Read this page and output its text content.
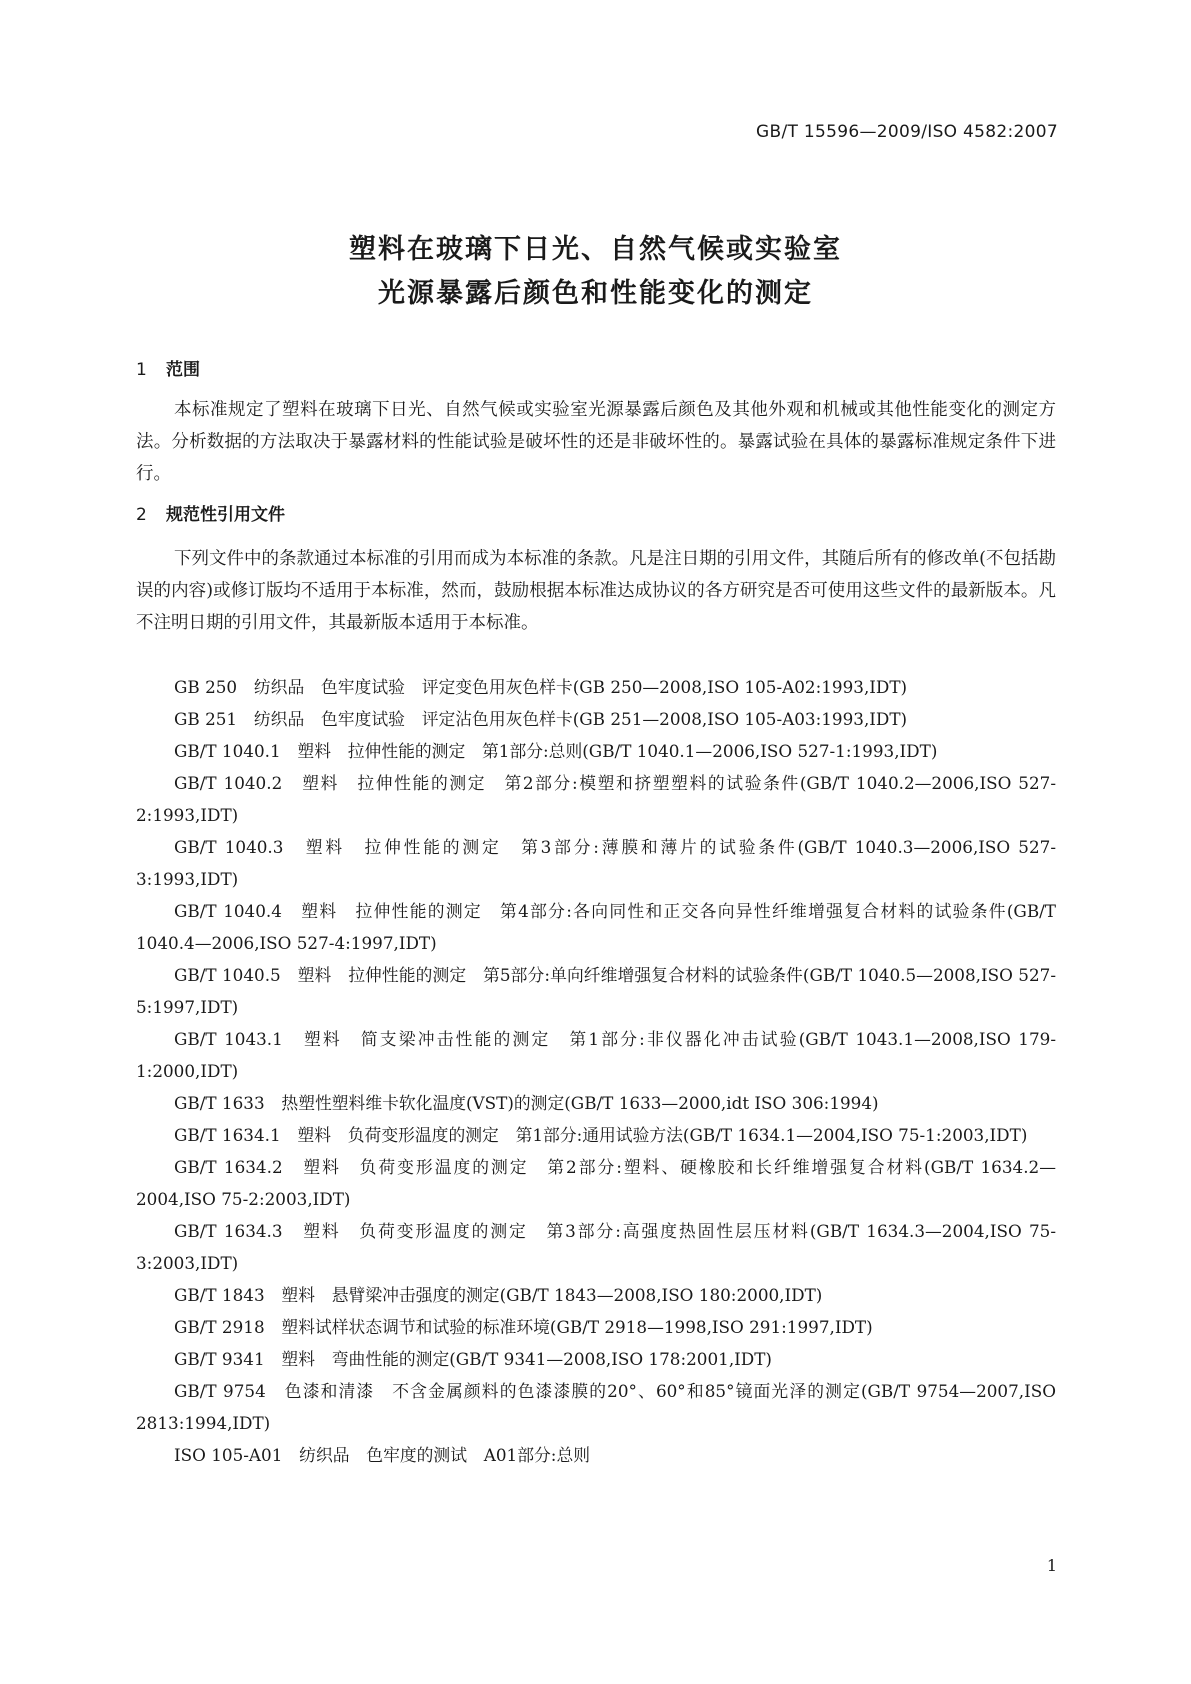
GB/T 15596—2009/ISO 4582:2007
塑料在玻璃下日光、自然气候或实验室
光源暴露后颜色和性能变化的测定
1 范围

本标准规定了塑料在玻璃下日光、自然气候或实验室光源暴露后颜色及其他外观和机械或其他性能变化的测定方法。分析数据的方法取决于暴露材料的性能试验是破坏性的还是非破坏性的。暴露试验在具体的暴露标准规定条件下进行。

2 规范性引用文件

下列文件中的条款通过本标准的引用而成为本标准的条款。凡是注日期的引用文件，其随后所有的修改单(不包括勘误的内容)或修订版均不适用于本标准，然而，鼓励根据本标准达成协议的各方研究是否可使用这些文件的最新版本。凡不注明日期的引用文件，其最新版本适用于本标准。

GB 250　纺织品　色牢度试验　评定变色用灰色样卡(GB 250—2008,ISO 105-A02:1993,IDT)

GB 251　纺织品　色牢度试验　评定沾色用灰色样卡(GB 251—2008,ISO 105-A03:1993,IDT)

GB/T 1040.1　塑料　拉伸性能的测定　第1部分:总则(GB/T 1040.1—2006,ISO 527-1:1993,IDT)

GB/T 1040.2　塑料　拉伸性能的测定　第2部分:模塑和挤塑塑料的试验条件(GB/T 1040.2—2006,ISO 527-2:1993,IDT)

GB/T 1040.3　塑料　拉伸性能的测定　第3部分:薄膜和薄片的试验条件(GB/T 1040.3—2006,ISO 527-3:1993,IDT)

GB/T 1040.4　塑料　拉伸性能的测定　第4部分:各向同性和正交各向异性纤维增强复合材料的试验条件(GB/T 1040.4—2006,ISO 527-4:1997,IDT)

GB/T 1040.5　塑料　拉伸性能的测定　第5部分:单向纤维增强复合材料的试验条件(GB/T 1040.5—2008,ISO 527-5:1997,IDT)

GB/T 1043.1　塑料　简支梁冲击性能的测定　第1部分:非仪器化冲击试验(GB/T 1043.1—2008,ISO 179-1:2000,IDT)

GB/T 1633　热塑性塑料维卡软化温度(VST)的测定(GB/T 1633—2000,idt ISO 306:1994)

GB/T 1634.1　塑料　负荷变形温度的测定　第1部分:通用试验方法(GB/T 1634.1—2004,ISO 75-1:2003,IDT)

GB/T 1634.2　塑料　负荷变形温度的测定　第2部分:塑料、硬橡胶和长纤维增强复合材料(GB/T 1634.2—2004,ISO 75-2:2003,IDT)

GB/T 1634.3　塑料　负荷变形温度的测定　第3部分:高强度热固性层压材料(GB/T 1634.3—2004,ISO 75-3:2003,IDT)

GB/T 1843　塑料　悬臂梁冲击强度的测定(GB/T 1843—2008,ISO 180:2000,IDT)

GB/T 2918　塑料试样状态调节和试验的标准环境(GB/T 2918—1998,ISO 291:1997,IDT)

GB/T 9341　塑料　弯曲性能的测定(GB/T 9341—2008,ISO 178:2001,IDT)

GB/T 9754　色漆和清漆　不含金属颜料的色漆漆膜的20°、60°和85°镜面光泽的测定(GB/T 9754—2007,ISO 2813:1994,IDT)

ISO 105-A01　纺织品　色牢度的测试　A01部分:总则

1
